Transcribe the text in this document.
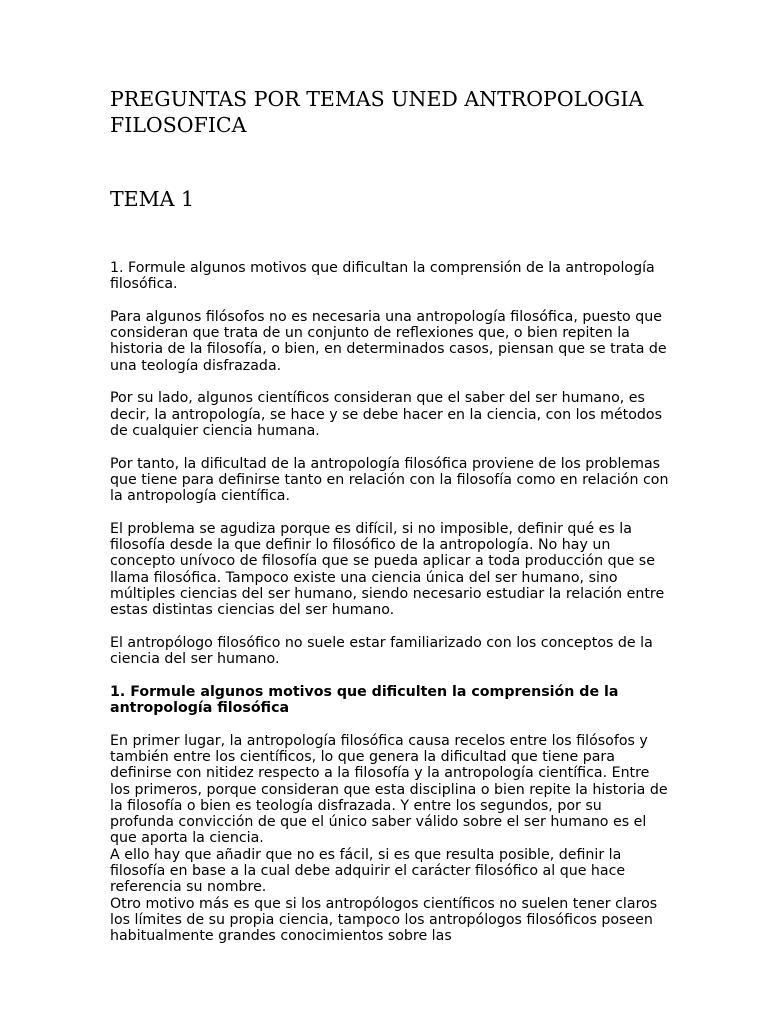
PREGUNTAS POR TEMAS UNED ANTROPOLOGIA FILOSOFICA
TEMA 1

1. Formule algunos motivos que dificultan la comprensión de la antropología filosófica.

Para algunos filósofos no es necesaria una antropología filosófica, puesto que consideran que trata de un conjunto de reflexiones que, o bien repiten la historia de la filosofía, o bien, en determinados casos, piensan que se trata de una teología disfrazada.

Por su lado, algunos científicos consideran que el saber del ser humano, es decir, la antropología, se hace y se debe hacer en la ciencia, con los métodos de cualquier ciencia humana.

Por tanto, la dificultad de la antropología filosófica proviene de los problemas que tiene para definirse tanto en relación con la filosofía como en relación con la antropología científica.

El problema se agudiza porque es difícil, si no imposible, definir qué es la filosofía desde la que definir lo filosófico de la antropología. No hay un concepto unívoco de filosofía que se pueda aplicar a toda producción que se llama filosófica. Tampoco existe una ciencia única del ser humano, sino múltiples ciencias del ser humano, siendo necesario estudiar la relación entre estas distintas ciencias del ser humano.

El antropólogo filosófico no suele estar familiarizado con los conceptos de la ciencia del ser humano.

1. Formule algunos motivos que dificulten la comprensión de la antropología filosófica

En primer lugar, la antropología filosófica causa recelos entre los filósofos y también entre los científicos, lo que genera la dificultad que tiene para definirse con nitidez respecto a la filosofía y la antropología científica. Entre los primeros, porque consideran que esta disciplina o bien repite la historia de la filosofía o bien es teología disfrazada. Y entre los segundos, por su profunda convicción de que el único saber válido sobre el ser humano es el que aporta la ciencia.

A ello hay que añadir que no es fácil, si es que resulta posible, definir la filosofía en base a la cual debe adquirir el carácter filosófico al que hace referencia su nombre.

Otro motivo más es que si los antropólogos científicos no suelen tener claros los límites de su propia ciencia, tampoco los antropólogos filosóficos poseen habitualmente grandes conocimientos sobre las
